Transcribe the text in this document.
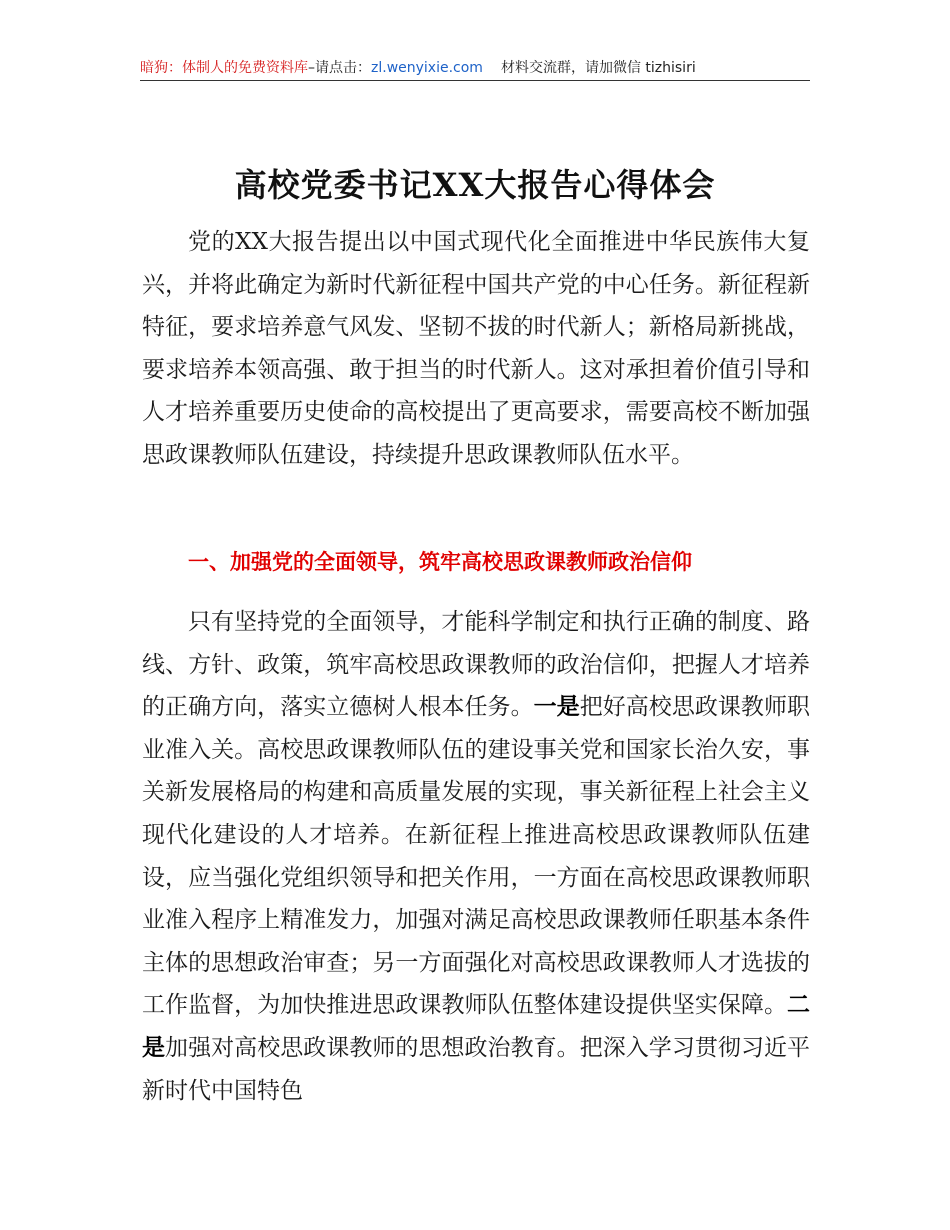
暗狗：体制人的免费资料库–请点击：zl.wenyixie.com 材料交流群，请加微信 tizhisiri
高校党委书记XX大报告心得体会

党的XX大报告提出以中国式现代化全面推进中华民族伟大复兴，并将此确定为新时代新征程中国共产党的中心任务。新征程新特征，要求培养意气风发、坚韧不拔的时代新人；新格局新挑战，要求培养本领高强、敢于担当的时代新人。这对承担着价值引导和人才培养重要历史使命的高校提出了更高要求，需要高校不断加强思政课教师队伍建设，持续提升思政课教师队伍水平。

一、加强党的全面领导，筑牢高校思政课教师政治信仰

只有坚持党的全面领导，才能科学制定和执行正确的制度、路线、方针、政策，筑牢高校思政课教师的政治信仰，把握人才培养的正确方向，落实立德树人根本任务。一是把好高校思政课教师职业准入关。高校思政课教师队伍的建设事关党和国家长治久安，事关新发展格局的构建和高质量发展的实现，事关新征程上社会主义现代化建设的人才培养。在新征程上推进高校思政课教师队伍建设，应当强化党组织领导和把关作用，一方面在高校思政课教师职业准入程序上精准发力，加强对满足高校思政课教师任职基本条件主体的思想政治审查；另一方面强化对高校思政课教师人才选拔的工作监督，为加快推进思政课教师队伍整体建设提供坚实保障。二是加强对高校思政课教师的思想政治教育。把深入学习贯彻习近平新时代中国特色
